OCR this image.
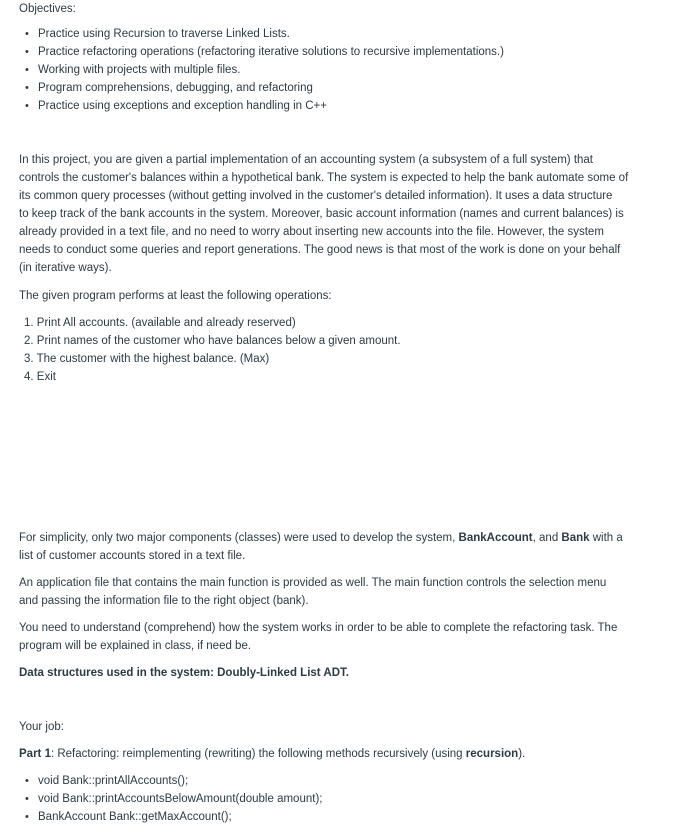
Objectives:

• Practice using Recursion to traverse Linked Lists.
• Practice refactoring operations (refactoring iterative solutions to recursive implementations.)
• Working with projects with multiple files.
• Program comprehensions, debugging, and refactoring
• Practice using exceptions and exception handling in C++

In this project, you are given a partial implementation of an accounting system (a subsystem of a full system) that

controls the customer's balances within a hypothetical bank. The system is expected to help the bank automate some of

its common query processes (without getting involved in the customer's detailed information). It uses a data structure

to keep track of the bank accounts in the system. Moreover, basic account information (names and current balances) is

already provided in a text file, and no need to worry about inserting new accounts into the file. However, the system

needs to conduct some queries and report generations. The good news is that most of the work is done on your behalf

(in iterative ways).

The given program performs at least the following operations:

1. Print All accounts. (available and already reserved)
2. Print names of the customer who have balances below a given amount.
3. The customer with the highest balance. (Max)
4. Exit

For simplicity, only two major components (classes) were used to develop the system, BankAccount, and Bank with a

list of customer accounts stored in a text file.

An application file that contains the main function is provided as well. The main function controls the selection menu

and passing the information file to the right object (bank).

You need to understand (comprehend) how the system works in order to be able to complete the refactoring task. The

program will be explained in class, if need be.

Data structures used in the system: Doubly-Linked List ADT.

Your job:

Part 1: Refactoring: reimplementing (rewriting) the following methods recursively (using recursion).

• void Bank::printAllAccounts();
• void Bank::printAccountsBelowAmount(double amount);
• BankAccount Bank::getMaxAccount();
